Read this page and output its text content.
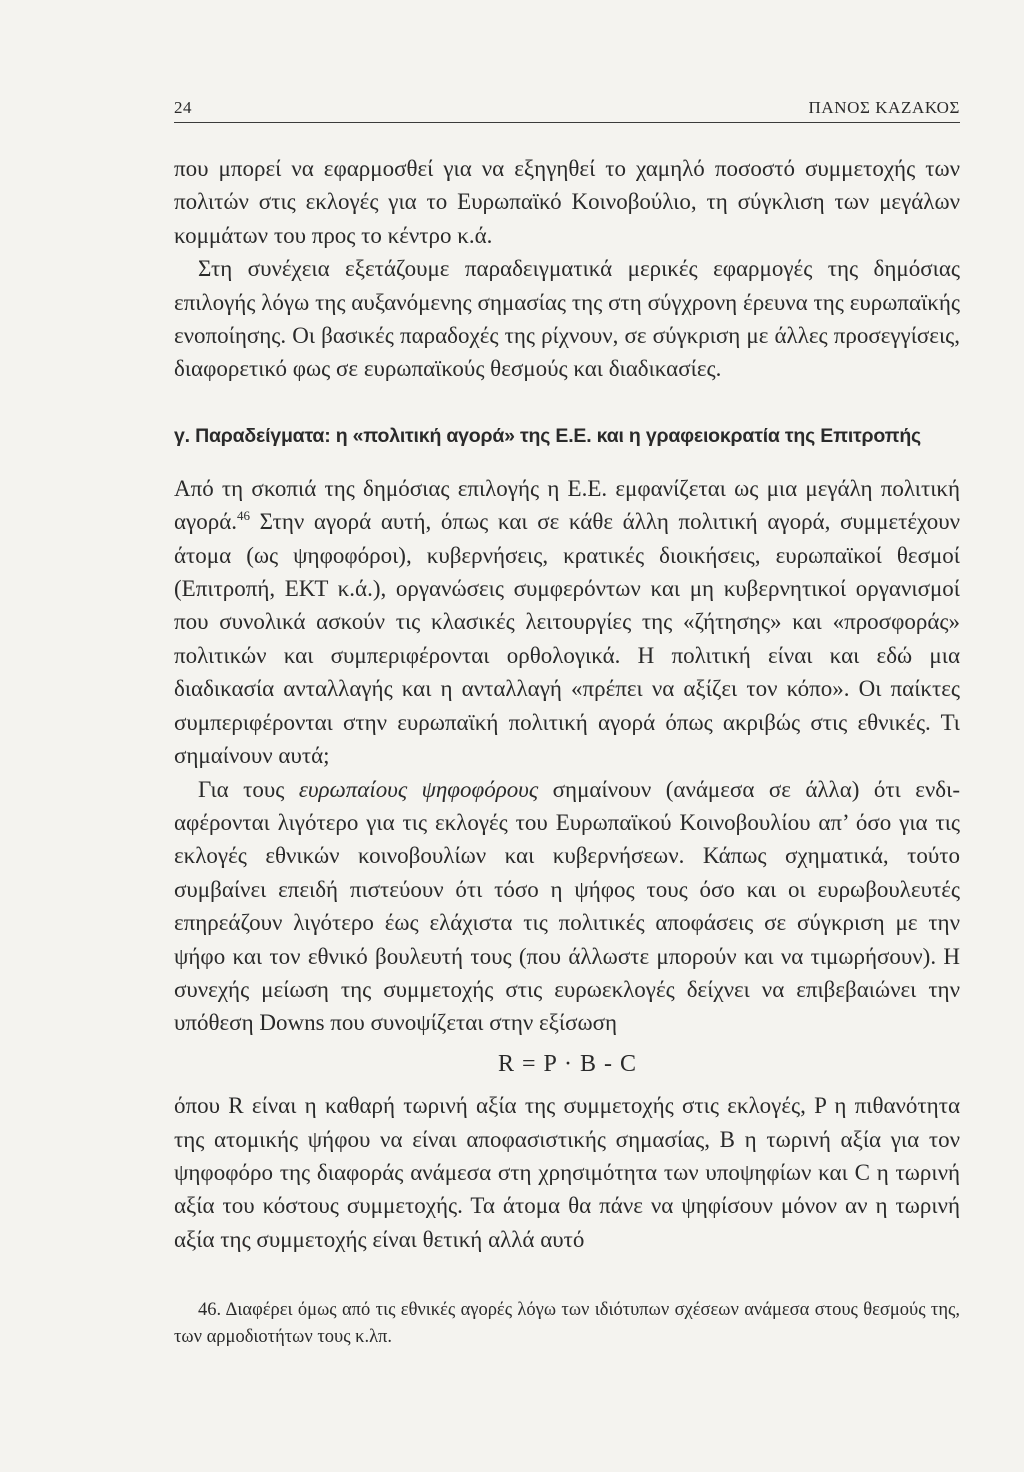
24	ΠΑΝΟΣ ΚΑΖΑΚΟΣ

που μπορεί να εφαρμοσθεί για να εξηγηθεί το χαμηλό ποσοστό συμμετοχής των πολιτών στις εκλογές για το Ευρωπαϊκό Κοινοβούλιο, τη σύγκλιση των μεγάλων κομμάτων του προς το κέντρο κ.ά.

Στη συνέχεια εξετάζουμε παραδειγματικά μερικές εφαρμογές της δημόσιας επιλογής λόγω της αυξανόμενης σημασίας της στη σύγχρονη έρευνα της ευρωπαϊκής ενοποίησης. Οι βασικές παραδοχές της ρίχνουν, σε σύγκριση με άλλες προσεγγίσεις, διαφορετικό φως σε ευρωπαϊκούς θεσμούς και διαδικασίες.

γ. Παραδείγματα: η «πολιτική αγορά» της Ε.Ε. και η γραφειοκρατία της Επιτροπής

Από τη σκοπιά της δημόσιας επιλογής η Ε.Ε. εμφανίζεται ως μια μεγάλη πολιτική αγορά.$^{46}$ Στην αγορά αυτή, όπως και σε κάθε άλλη πολιτική αγορά, συμμετέχουν άτομα (ως ψηφοφόροι), κυβερνήσεις, κρατικές διοικήσεις, ευρωπαϊκοί θεσμοί (Επιτροπή, ΕΚΤ κ.ά.), οργανώσεις συμφερόντων και μη κυβερνητικοί οργανισμοί που συνολικά ασκούν τις κλασικές λειτουργίες της «ζήτησης» και «προσφοράς» πολιτικών και συμπεριφέρονται ορθολογικά. Η πολιτική είναι και εδώ μια διαδικασία ανταλλαγής και η ανταλλαγή «πρέπει να αξίζει τον κόπο». Οι παίκτες συμπεριφέρονται στην ευρωπαϊκή πολιτική αγορά όπως ακριβώς στις εθνικές. Τι σημαίνουν αυτά;

Για τους ευρωπαίους ψηφοφόρους σημαίνουν (ανάμεσα σε άλλα) ότι ενδιαφέρονται λιγότερο για τις εκλογές του Ευρωπαϊκού Κοινοβουλίου απ’ όσο για τις εκλογές εθνικών κοινοβουλίων και κυβερνήσεων. Κάπως σχηματικά, τούτο συμβαίνει επειδή πιστεύουν ότι τόσο η ψήφος τους όσο και οι ευρωβουλευτές επηρεάζουν λιγότερο έως ελάχιστα τις πολιτικές αποφάσεις σε σύγκριση με την ψήφο και τον εθνικό βουλευτή τους (που άλλωστε μπορούν και να τιμωρήσουν). Η συνεχής μείωση της συμμετοχής στις ευρωεκλογές δείχνει να επιβεβαιώνει την υπόθεση Downs που συνοψίζεται στην εξίσωση

R = P · B - C

όπου R είναι η καθαρή τωρινή αξία της συμμετοχής στις εκλογές, P η πιθανότητα της ατομικής ψήφου να είναι αποφασιστικής σημασίας, B η τωρινή αξία για τον ψηφοφόρο της διαφοράς ανάμεσα στη χρησιμότητα των υποψηφίων και C η τωρινή αξία του κόστους συμμετοχής. Τα άτομα θα πάνε να ψηφίσουν μόνον αν η τωρινή αξία της συμμετοχής είναι θετική αλλά αυτό

46. Διαφέρει όμως από τις εθνικές αγορές λόγω των ιδιότυπων σχέσεων ανάμεσα στους θεσμούς της, των αρμοδιοτήτων τους κ.λπ.
